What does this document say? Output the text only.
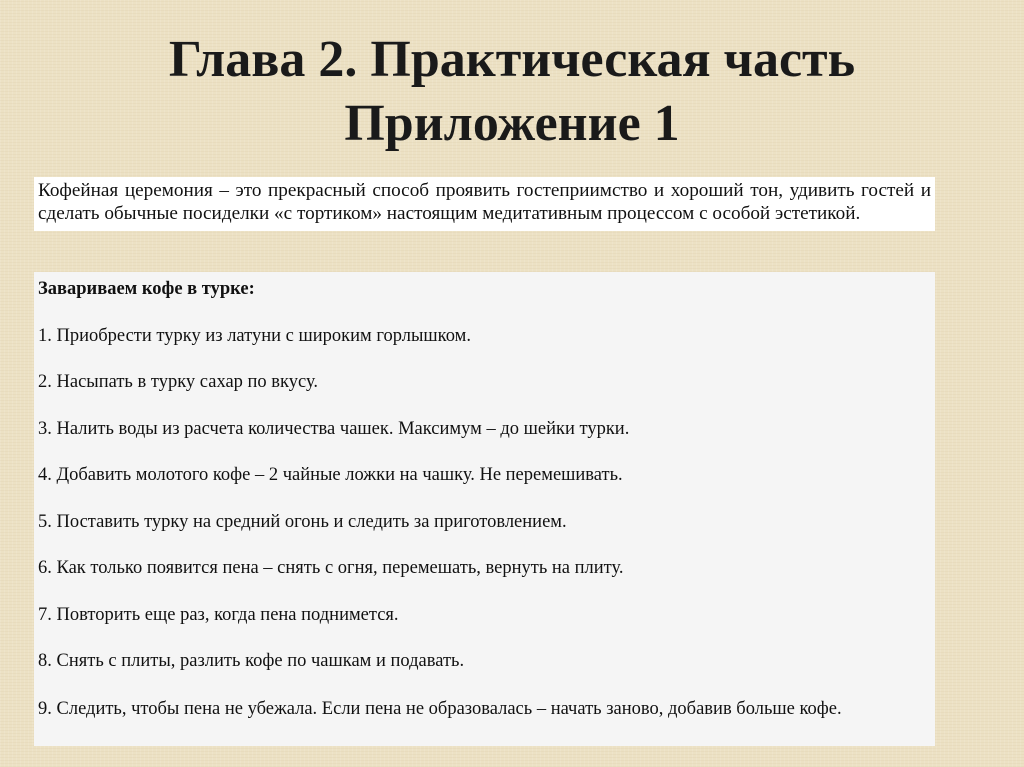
Глава 2. Практическая часть
Приложение 1
Кофейная церемония – это прекрасный способ проявить гостеприимство и хороший тон, удивить гостей и сделать обычные посиделки «с тортиком» настоящим медитативным процессом с особой эстетикой.
Завариваем кофе в турке:
1. Приобрести турку из латуни с широким горлышком.
2. Насыпать в турку сахар по вкусу.
3. Налить воды из расчета количества чашек. Максимум – до шейки турки.
4. Добавить молотого кофе – 2 чайные ложки на чашку. Не перемешивать.
5. Поставить турку на средний огонь и следить за приготовлением.
6. Как только появится пена – снять с огня, перемешать, вернуть на плиту.
7. Повторить еще раз, когда пена поднимется.
8. Снять с плиты, разлить кофе по чашкам и подавать.
9. Следить, чтобы пена не убежала. Если пена не образовалась – начать заново, добавив больше кофе.
